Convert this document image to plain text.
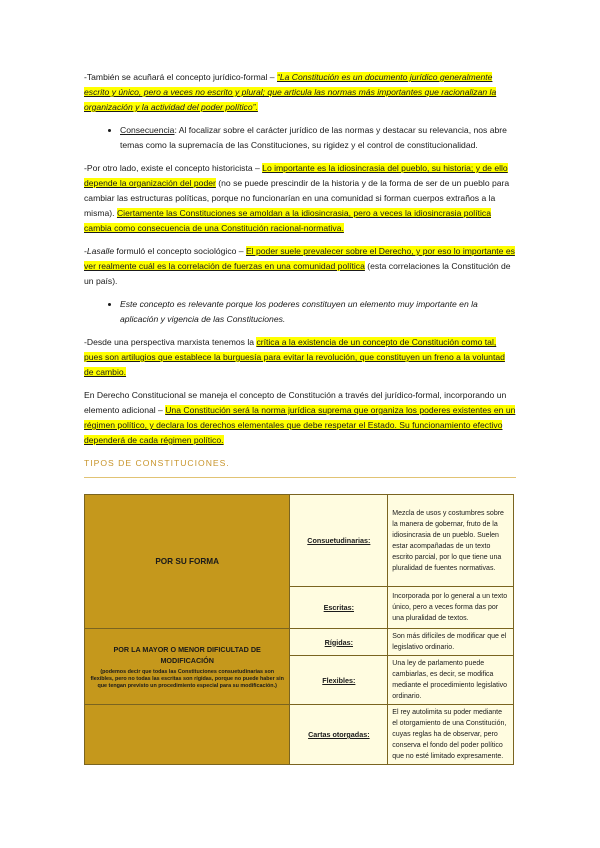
-También se acuñará el concepto jurídico-formal – “La Constitución es un documento jurídico generalmente escrito y único, pero a veces no escrito y plural; que articula las normas más importantes que racionalizan la organización y la actividad del poder político”.

• Consecuencia: Al focalizar sobre el carácter jurídico de las normas y destacar su relevancia, nos abre temas como la supremacía de las Constituciones, su rigidez y el control de constitucionalidad.

-Por otro lado, existe el concepto historicista – Lo importante es la idiosincrasia del pueblo, su historia; y de ello depende la organización del poder (no se puede prescindir de la historia y de la forma de ser de un pueblo para cambiar las estructuras políticas, porque no funcionarían en una comunidad si forman cuerpos extraños a la misma). Ciertamente las Constituciones se amoldan a la idiosincrasia, pero a veces la idiosincrasia política cambia como consecuencia de una Constitución racional-normativa.

-Lasalle formuló el concepto sociológico – El poder suele prevalecer sobre el Derecho, y por eso lo importante es ver realmente cuál es la correlación de fuerzas en una comunidad política (esta correlaciones la Constitución de un país).

• Este concepto es relevante porque los poderes constituyen un elemento muy importante en la aplicación y vigencia de las Constituciones.

-Desde una perspectiva marxista tenemos la crítica a la existencia de un concepto de Constitución como tal, pues son artilugios que establece la burguesía para evitar la revolución, que constituyen un freno a la voluntad de cambio.

En Derecho Constitucional se maneja el concepto de Constitución a través del jurídico-formal, incorporando un elemento adicional – Una Constitución será la norma jurídica suprema que organiza los poderes existentes en un régimen político, y declara los derechos elementales que debe respetar el Estado. Su funcionamiento efectivo dependerá de cada régimen político.

TIPOS DE CONSTITUCIONES.
POR SU FORMA	Consuetudinarias:	Mezcla de usos y costumbres sobre la manera de gobernar, fruto de la idiosincrasia de un pueblo. Suelen estar acompañadas de un texto escrito parcial, por lo que tiene una pluralidad de fuentes normativas.
	Escritas:	Incorporada por lo general a un texto único, pero a veces forma das por una pluralidad de textos.
POR LA MAYOR O MENOR DIFICULTAD DE MODIFICACIÓN
(podemos decir que todas las Constituciones consuetudinarias son flexibles, pero no todas las escritas son rígidas, porque no puede haber sin que tengan previsto un procedimiento especial para su modificación.)	Rígidas:	Son más difíciles de modificar que el legislativo ordinario.
	Flexibles:	Una ley de parlamento puede cambiarlas, es decir, se modifica mediante el procedimiento legislativo ordinario.
	Cartas otorgadas:	El rey autolimita su poder mediante el otorgamiento de una Constitución, cuyas reglas ha de observar, pero conserva el fondo del poder político que no esté limitado expresamente.
